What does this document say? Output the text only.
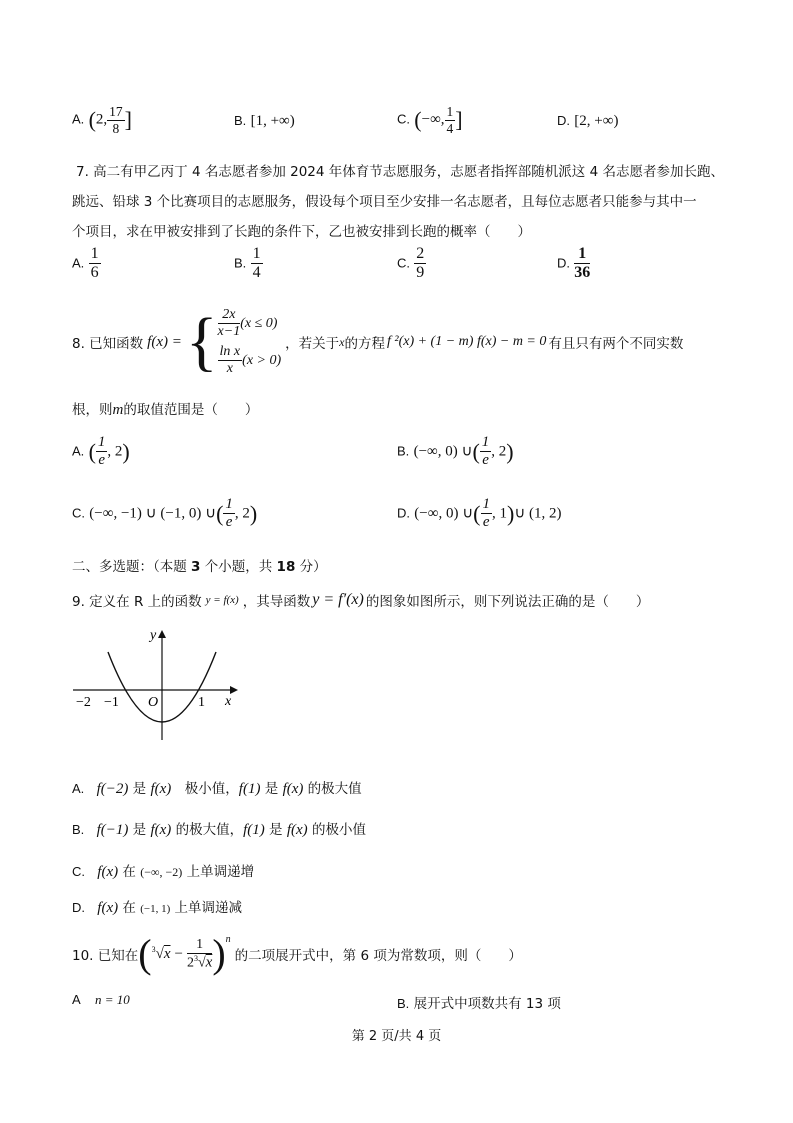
A. (2, $\frac{17}{8}$ ]	B. [1, +∞)	C. (−∞, $\frac{1}{4}$ ]	D. [2, +∞)
7. 高二有甲乙丙丁 4 名志愿者参加 2024 年体育节志愿服务，志愿者指挥部随机派这 4 名志愿者参加长跑、
跳远、铅球 3 个比赛项目的志愿服务，假设每个项目至少安排一名志愿者，且每位志愿者只能参与其中一
个项目，求在甲被安排到了长跑的条件下，乙也被安排到长跑的概率（　　）
A. $\frac{1}{6}$	B. $\frac{1}{4}$	C. $\frac{2}{9}$	D. $\frac{1}{36}$
8. 已知函数 f(x) = { $\frac{2x}{x-1} (x \le 0)$
$\frac{\text{ln x}}{x} (x > 0)$
，若关于 x 的方程 f ²(x) + (1 − m) f(x) − m = 0 有且只有两个不同实数
根，则m的取值范围是（　　）
A. ( $\frac{1}{e}$ , 2)	B. (−∞, 0) ∪( $\frac{1}{e}$ , 2)
C. (−∞, −1) ∪ (−1, 0) ∪( $\frac{1}{e}$ , 2)	D. (−∞, 0) ∪( $\frac{1}{e}$ , 1)∪ (1, 2)
二、多选题：（本题 3 个小题，共 18 分）
9. 定义在 R 上的函数 y = f(x) ，其导函数 y = f′(x) 的图象如图所示，则下列说法正确的是（　　）
y
x
O
−2 −1	1
A. f(−2) 是 f(x)　极小值，f(1) 是 f(x) 的极大值
B. f(−1) 是 f(x) 的极大值，f(1) 是 f(x) 的极小值
C. f(x) 在 (−∞, −2) 上单调递增
D. f(x) 在 (−1, 1) 上单调递减
10. 已知在 ( $^3√x - \frac{1}{2^3√x}$ ) n
的二项展开式中，第 6 项为常数项，则（　　）
A n = 10	B. 展开式中项数共有 13 项
第 2 页/共 4 页
